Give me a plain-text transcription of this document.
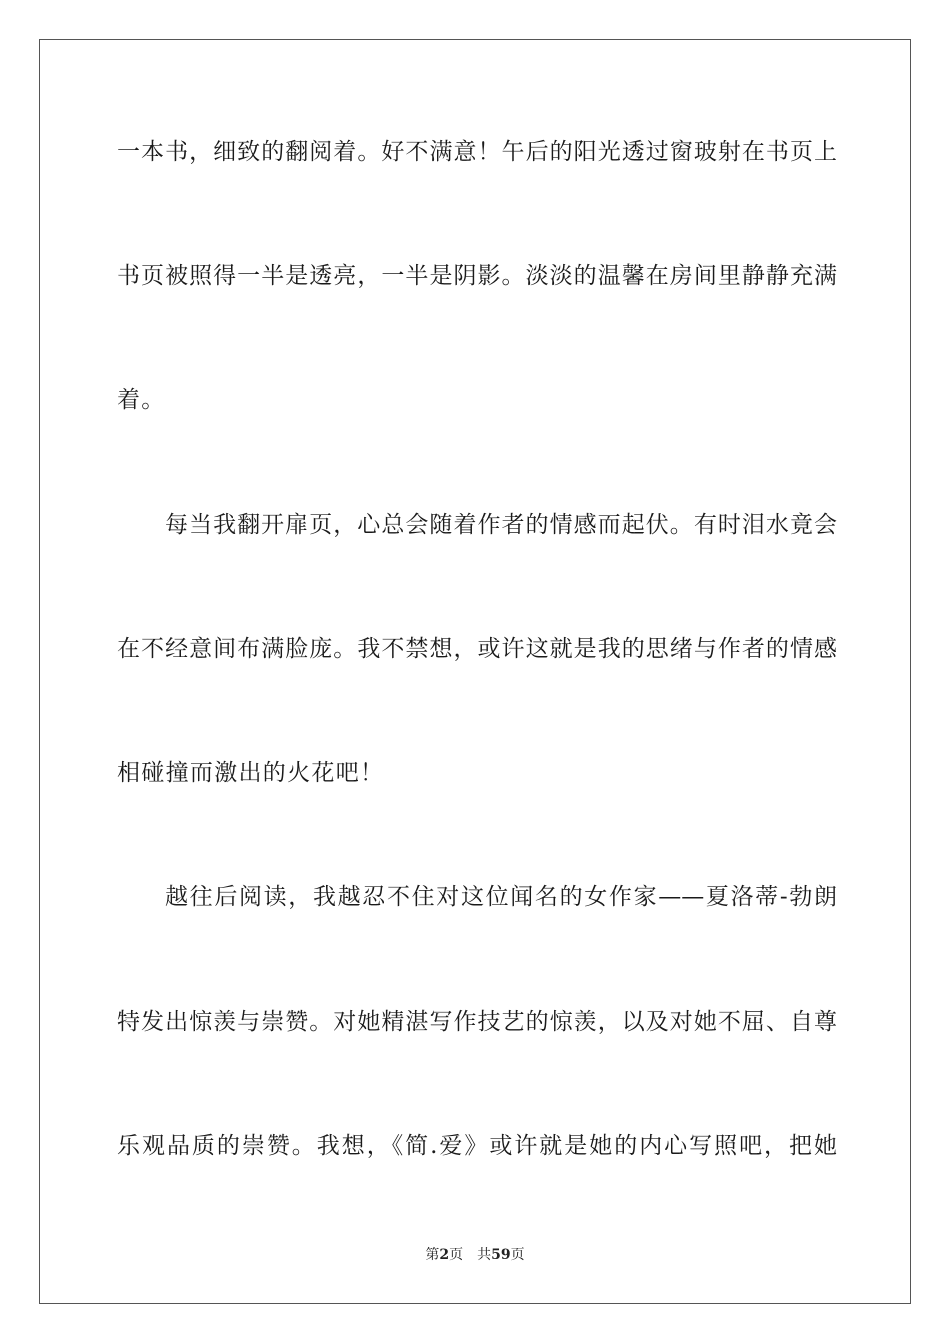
一本书，细致的翻阅着。好不满意！午后的阳光透过窗玻射在书页上
书页被照得一半是透亮，一半是阴影。淡淡的温馨在房间里静静充满
着。
每当我翻开扉页，心总会随着作者的情感而起伏。有时泪水竟会
在不经意间布满脸庞。我不禁想，或许这就是我的思绪与作者的情感
相碰撞而激出的火花吧！
越往后阅读，我越忍不住对这位闻名的女作家——夏洛蒂-勃朗
特发出惊羡与崇赞。对她精湛写作技艺的惊羡，以及对她不屈、自尊
乐观品质的崇赞。我想，《简.爱》或许就是她的内心写照吧，把她
第2页 共59页
